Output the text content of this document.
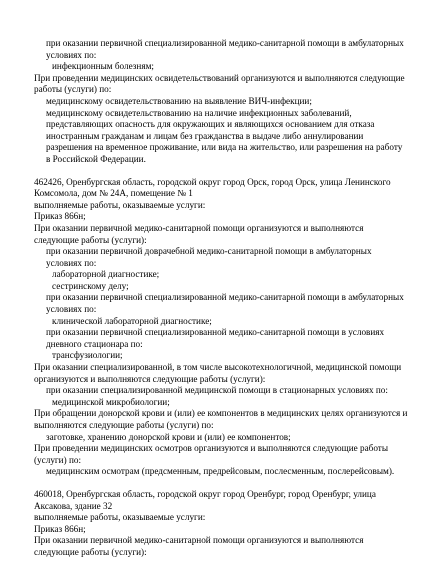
при оказании первичной специализированной медико-санитарной помощи в амбулаторных условиях по:

инфекционным болезням;

При проведении медицинских освидетельствований организуются и выполняются следующие работы (услуги) по:

медицинскому освидетельствованию на выявление ВИЧ-инфекции;

медицинскому освидетельствованию на наличие инфекционных заболеваний, представляющих опасность для окружающих и являющихся основанием для отказа иностранным гражданам и лицам без гражданства в выдаче либо аннулировании разрешения на временное проживание, или вида на жительство, или разрешения на работу в Российской Федерации.

462426, Оренбургская область, городской округ город Орск, город Орск, улица Ленинского Комсомола, дом № 24А, помещение № 1

выполняемые работы, оказываемые услуги:

Приказ 866н;

При оказании первичной медико-санитарной помощи организуются и выполняются следующие работы (услуги):

при оказании первичной доврачебной медико-санитарной помощи в амбулаторных условиях по:

лабораторной диагностике;

сестринскому делу;

при оказании первичной специализированной медико-санитарной помощи в амбулаторных условиях по:

клинической лабораторной диагностике;

при оказании первичной специализированной медико-санитарной помощи в условиях дневного стационара по:

трансфузиологии;

При оказании специализированной, в том числе высокотехнологичной, медицинской помощи организуются и выполняются следующие работы (услуги):

при оказании специализированной медицинской помощи в стационарных условиях по:

медицинской микробиологии;

При обращении донорской крови и (или) ее компонентов в медицинских целях организуются и выполняются следующие работы (услуги) по:

заготовке, хранению донорской крови и (или) ее компонентов;

При проведении медицинских осмотров организуются и выполняются следующие работы (услуги) по:

медицинским осмотрам (предсменным, предрейсовым, послесменным, послерейсовым).

460018, Оренбургская область, городской округ город Оренбург, город Оренбург, улица Аксакова, здание 32

выполняемые работы, оказываемые услуги:

Приказ 866н;

При оказании первичной медико-санитарной помощи организуются и выполняются следующие работы (услуги):
